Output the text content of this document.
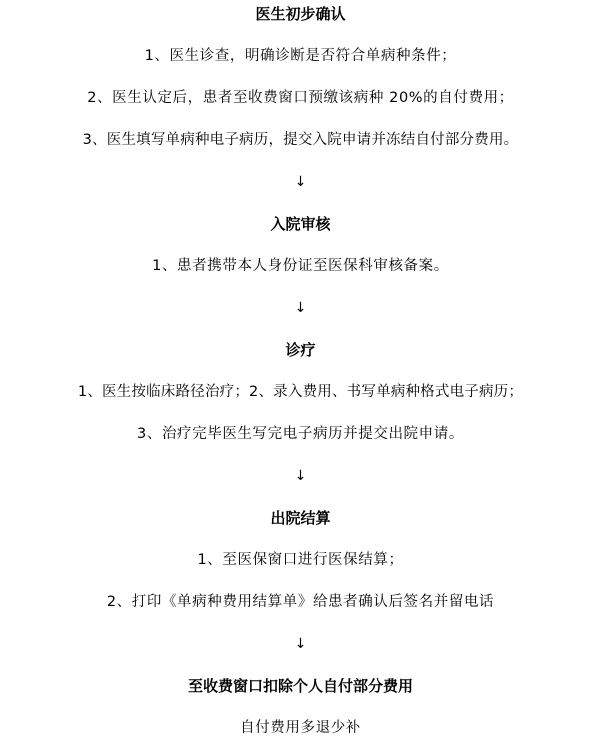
医生初步确认
1、医生诊查，明确诊断是否符合单病种条件；
2、医生认定后，患者至收费窗口预缴该病种 20%的自付费用；
3、医生填写单病种电子病历，提交入院申请并冻结自付部分费用。
↓
入院审核
1、患者携带本人身份证至医保科审核备案。
↓
诊疗
1、医生按临床路径治疗；2、录入费用、书写单病种格式电子病历；
3、治疗完毕医生写完电子病历并提交出院申请。
↓
出院结算
1、至医保窗口进行医保结算；
2、打印《单病种费用结算单》给患者确认后签名并留电话
↓
至收费窗口扣除个人自付部分费用
自付费用多退少补
